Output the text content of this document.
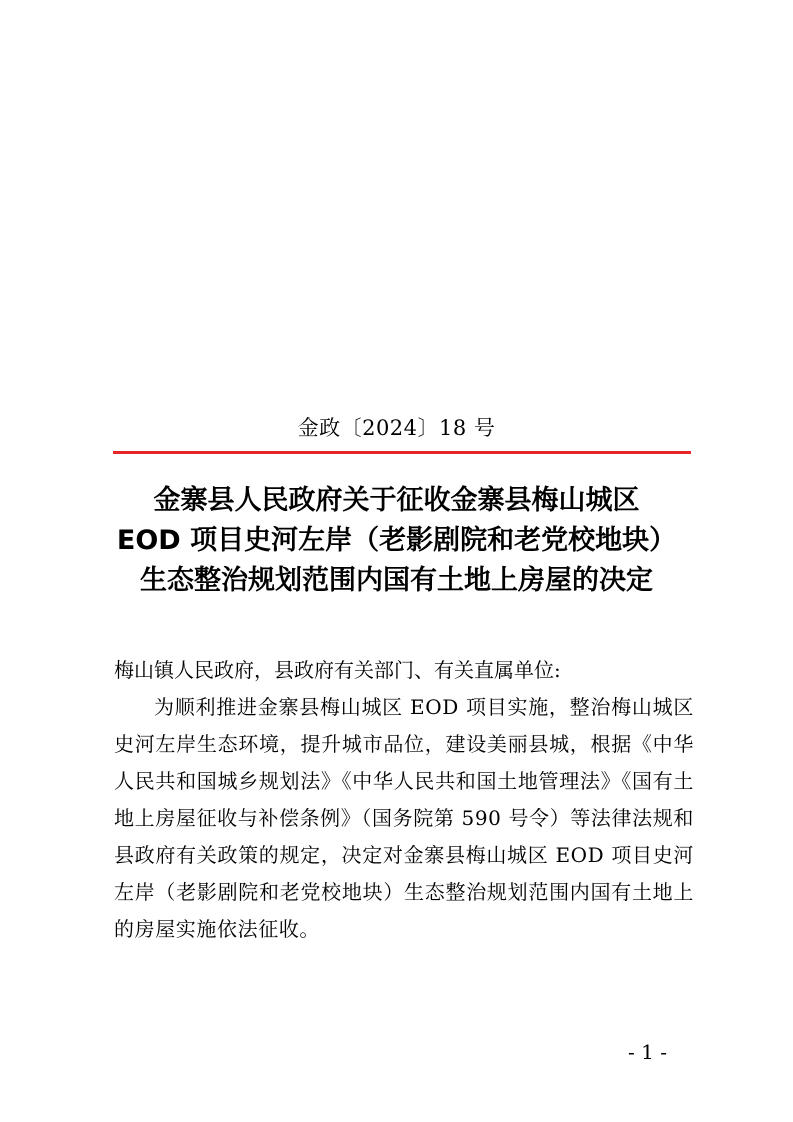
金政〔2024〕18 号
金寨县人民政府关于征收金寨县梅山城区
EOD 项目史河左岸（老影剧院和老党校地块）
生态整治规划范围内国有土地上房屋的决定

梅山镇人民政府，县政府有关部门、有关直属单位:

为顺利推进金寨县梅山城区 EOD 项目实施，整治梅山城区史河左岸生态环境，提升城市品位，建设美丽县城，根据《中华人民共和国城乡规划法》《中华人民共和国土地管理法》《国有土地上房屋征收与补偿条例》（国务院第 590 号令）等法律法规和县政府有关政策的规定，决定对金寨县梅山城区 EOD 项目史河左岸（老影剧院和老党校地块）生态整治规划范围内国有土地上的房屋实施依法征收。

- 1 -
